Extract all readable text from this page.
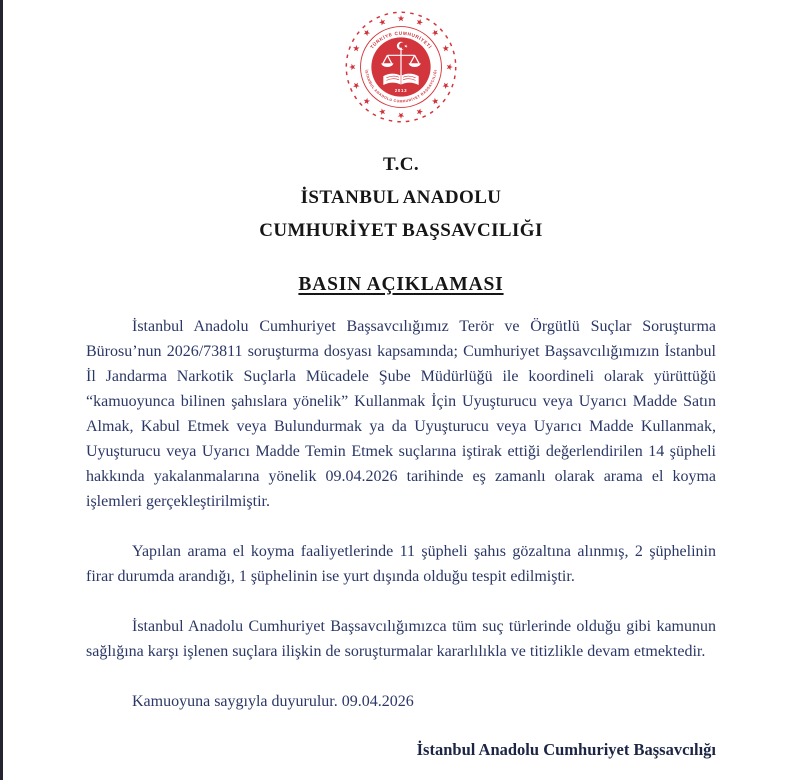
TÜRKİYE CUMHURİYETİ
İSTANBUL ANADOLU CUMHURİYET BAŞSAVCILIĞI
2013
T.C.
İSTANBUL ANADOLU
CUMHURİYET BAŞSAVCILIĞI
BASIN AÇIKLAMASI

İstanbul Anadolu Cumhuriyet Başsavcılığımız Terör ve Örgütlü Suçlar Soruşturma Bürosu’nun 2026/73811 soruşturma dosyası kapsamında; Cumhuriyet Başsavcılığımızın İstanbul İl Jandarma Narkotik Suçlarla Mücadele Şube Müdürlüğü ile koordineli olarak yürüttüğü “kamuoyunca bilinen şahıslara yönelik” Kullanmak İçin Uyuşturucu veya Uyarıcı Madde Satın Almak, Kabul Etmek veya Bulundurmak ya da Uyuşturucu veya Uyarıcı Madde Kullanmak, Uyuşturucu veya Uyarıcı Madde Temin Etmek suçlarına iştirak ettiği değerlendirilen 14 şüpheli hakkında yakalanmalarına yönelik 09.04.2026 tarihinde eş zamanlı olarak arama el koyma işlemleri gerçekleştirilmiştir.

Yapılan arama el koyma faaliyetlerinde 11 şüpheli şahıs gözaltına alınmış, 2 şüphelinin firar durumda arandığı, 1 şüphelinin ise yurt dışında olduğu tespit edilmiştir.

İstanbul Anadolu Cumhuriyet Başsavcılığımızca tüm suç türlerinde olduğu gibi kamunun sağlığına karşı işlenen suçlara ilişkin de soruşturmalar kararlılıkla ve titizlikle devam etmektedir.

Kamuoyuna saygıyla duyurulur. 09.04.2026

İstanbul Anadolu Cumhuriyet Başsavcılığı
